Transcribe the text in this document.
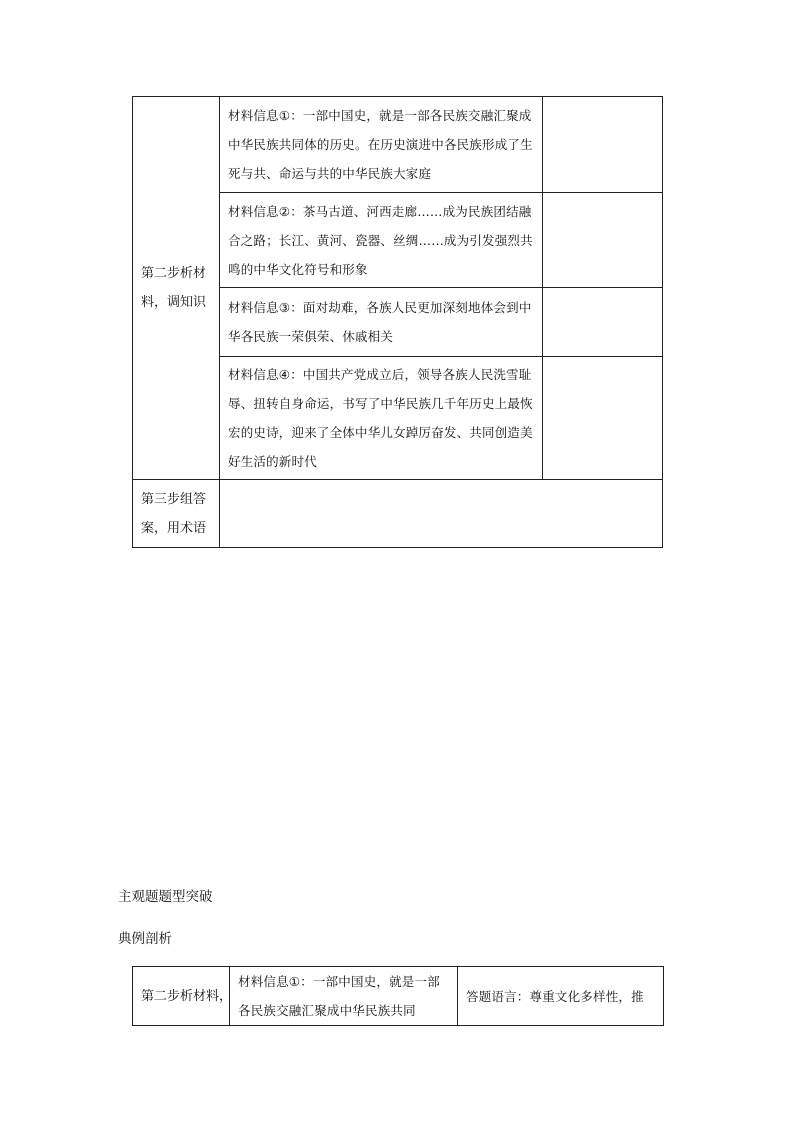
第二步析材料，调知识	材料信息①：一部中国史，就是一部各民族交融汇聚成中华民族共同体的历史。在历史演进中各民族形成了生死与共、命运与共的中华民族大家庭	
	材料信息②：茶马古道、河西走廊……成为民族团结融合之路；长江、黄河、瓷器、丝绸……成为引发强烈共鸣的中华文化符号和形象	
	材料信息③：面对劫难，各族人民更加深刻地体会到中华各民族一荣俱荣、休戚相关	
	材料信息④：中国共产党成立后，领导各族人民洗雪耻辱、扭转自身命运，书写了中华民族几千年历史上最恢宏的史诗，迎来了全体中华儿女踔厉奋发、共同创造美好生活的新时代	
第三步组答案，用术语		
主观题题型突破
典例剖析
第二步析材料，	材料信息①：一部中国史，就是一部各民族交融汇聚成中华民族共同	答题语言：尊重文化多样性，推
